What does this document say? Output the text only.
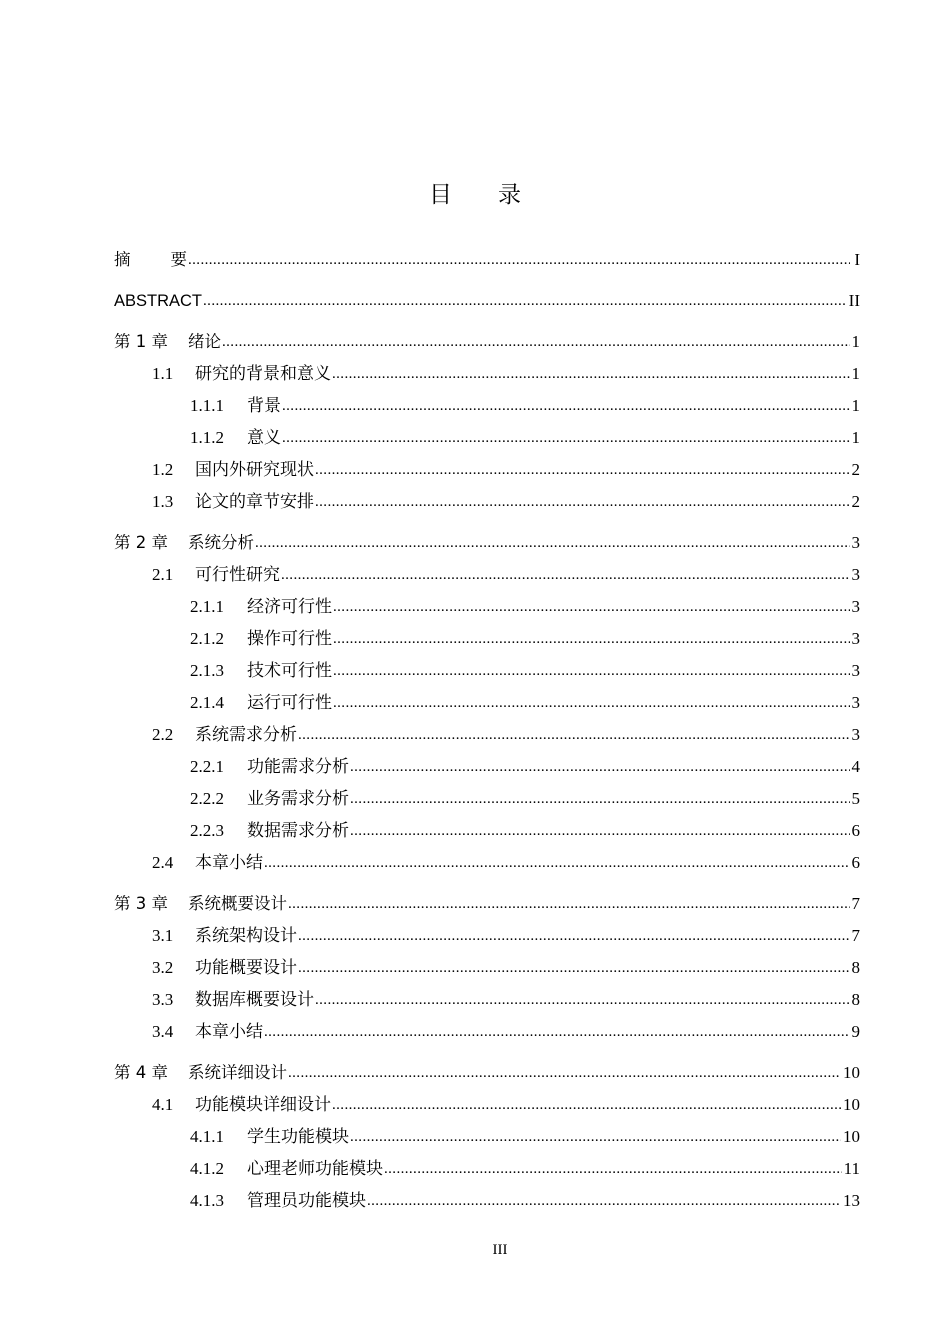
目 录
摘 要 .....	I
ABSTRACT .....	II
第 1 章 绪论 .....	1
1.1 研究的背景和意义 .....	1
1.1.1 背景 .....	1
1.1.2 意义 .....	1
1.2 国内外研究现状 .....	2
1.3 论文的章节安排 .....	2
第 2 章 系统分析 .....	3
2.1 可行性研究 .....	3
2.1.1 经济可行性 .....	3
2.1.2 操作可行性 .....	3
2.1.3 技术可行性 .....	3
2.1.4 运行可行性 .....	3
2.2 系统需求分析 .....	3
2.2.1 功能需求分析 .....	4
2.2.2 业务需求分析 .....	5
2.2.3 数据需求分析 .....	6
2.4 本章小结 .....	6
第 3 章 系统概要设计 .....	7
3.1 系统架构设计 .....	7
3.2 功能概要设计 .....	8
3.3 数据库概要设计 .....	8
3.4 本章小结 .....	9
第 4 章 系统详细设计 .....	10
4.1 功能模块详细设计 .....	10
4.1.1 学生功能模块 .....	10
4.1.2 心理老师功能模块 .....	11
4.1.3 管理员功能模块 .....	13
III
